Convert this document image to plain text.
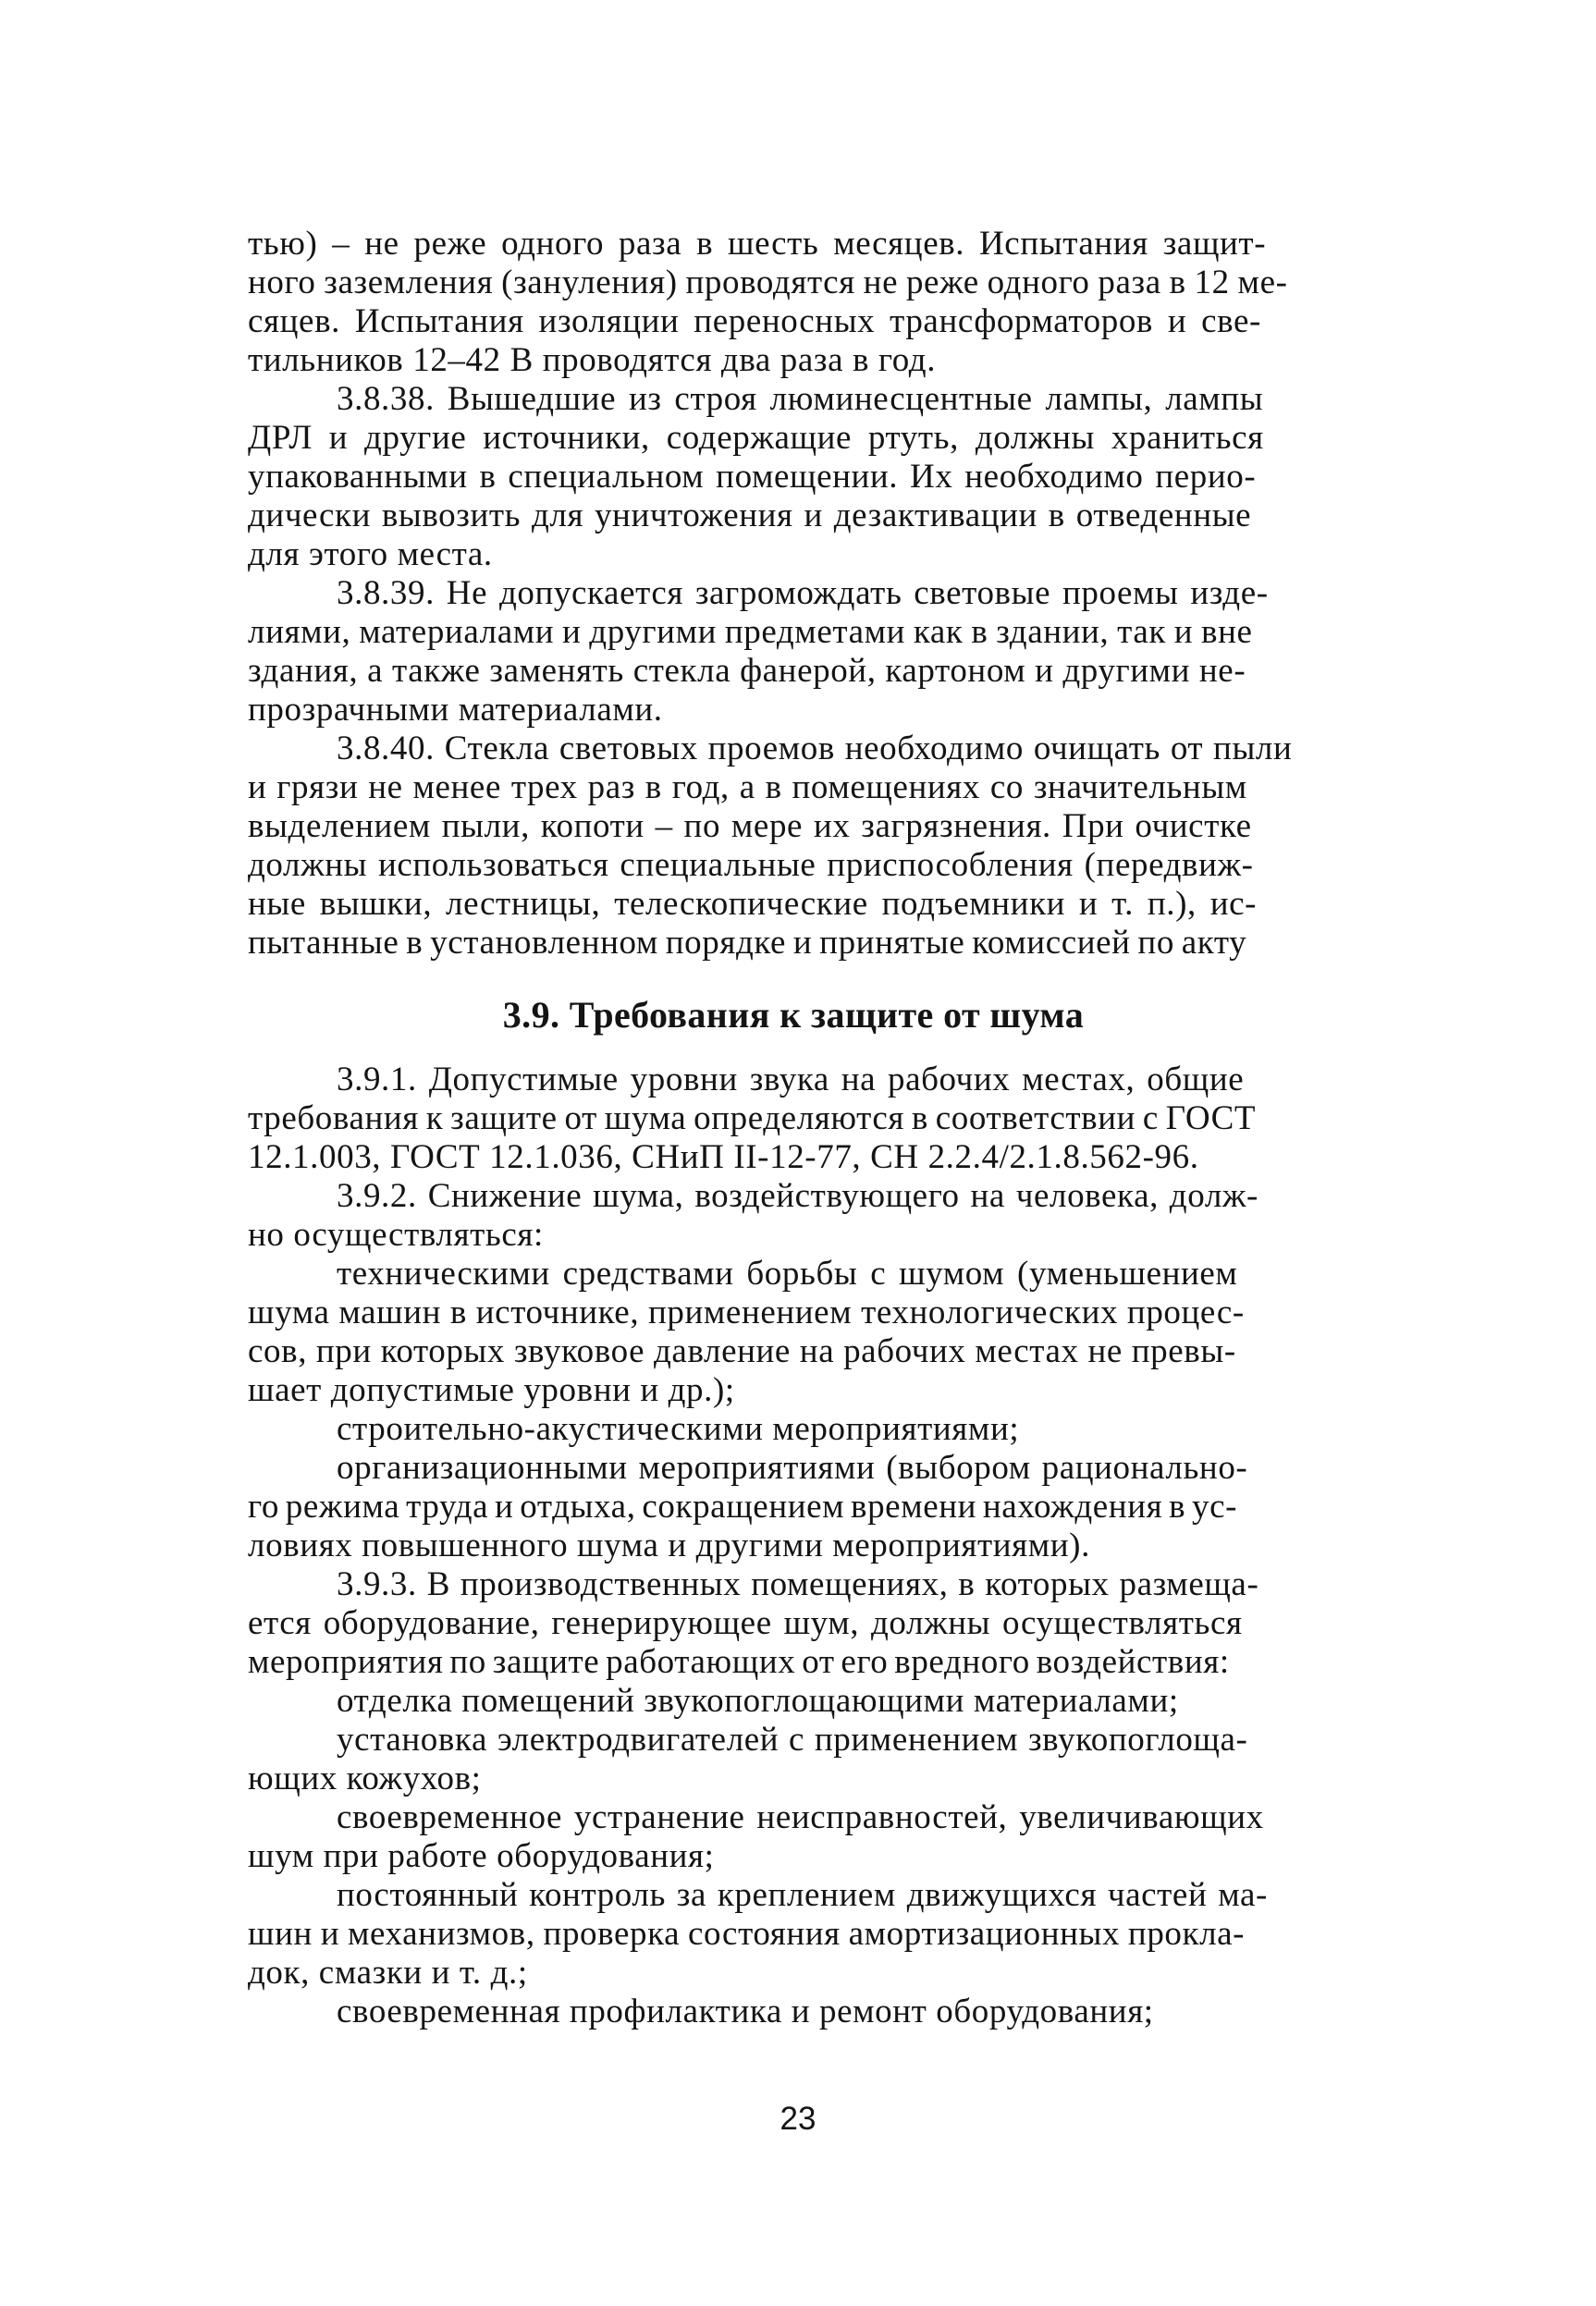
тью) – не реже одного раза в шесть месяцев. Испытания защит-
ного заземления (зануления) проводятся не реже одного раза в 12 ме-
сяцев. Испытания изоляции переносных трансформаторов и све-
тильников 12–42 В проводятся два раза в год.
3.8.38. Вышедшие из строя люминесцентные лампы, лампы
ДРЛ и другие источники, содержащие ртуть, должны храниться
упакованными в специальном помещении. Их необходимо перио-
дически вывозить для уничтожения и дезактивации в отведенные
для этого места.
3.8.39. Не допускается загромождать световые проемы изде-
лиями, материалами и другими предметами как в здании, так и вне
здания, а также заменять стекла фанерой, картоном и другими не-
прозрачными материалами.
3.8.40. Стекла световых проемов необходимо очищать от пыли
и грязи не менее трех раз в год, а в помещениях со значительным
выделением пыли, копоти – по мере их загрязнения. При очистке
должны использоваться специальные приспособления (передвиж-
ные вышки, лестницы, телескопические подъемники и т. п.), ис-
пытанные в установленном порядке и принятые комиссией по акту
3.9. Требования к защите от шума
3.9.1. Допустимые уровни звука на рабочих местах, общие
требования к защите от шума определяются в соответствии с ГОСТ
12.1.003, ГОСТ 12.1.036, СНиП II-12-77, СН 2.2.4/2.1.8.562-96.
3.9.2. Снижение шума, воздействующего на человека, долж-
но осуществляться:
техническими средствами борьбы с шумом (уменьшением
шума машин в источнике, применением технологических процес-
сов, при которых звуковое давление на рабочих местах не превы-
шает допустимые уровни и др.);
строительно-акустическими мероприятиями;
организационными мероприятиями (выбором рационально-
го режима труда и отдыха, сокращением времени нахождения в ус-
ловиях повышенного шума и другими мероприятиями).
3.9.3. В производственных помещениях, в которых размеща-
ется оборудование, генерирующее шум, должны осуществляться
мероприятия по защите работающих от его вредного воздействия:
отделка помещений звукопоглощающими материалами;
установка электродвигателей с применением звукопоглоща-
ющих кожухов;
своевременное устранение неисправностей, увеличивающих
шум при работе оборудования;
постоянный контроль за креплением движущихся частей ма-
шин и механизмов, проверка состояния амортизационных прокла-
док, смазки и т. д.;
своевременная профилактика и ремонт оборудования;
23
